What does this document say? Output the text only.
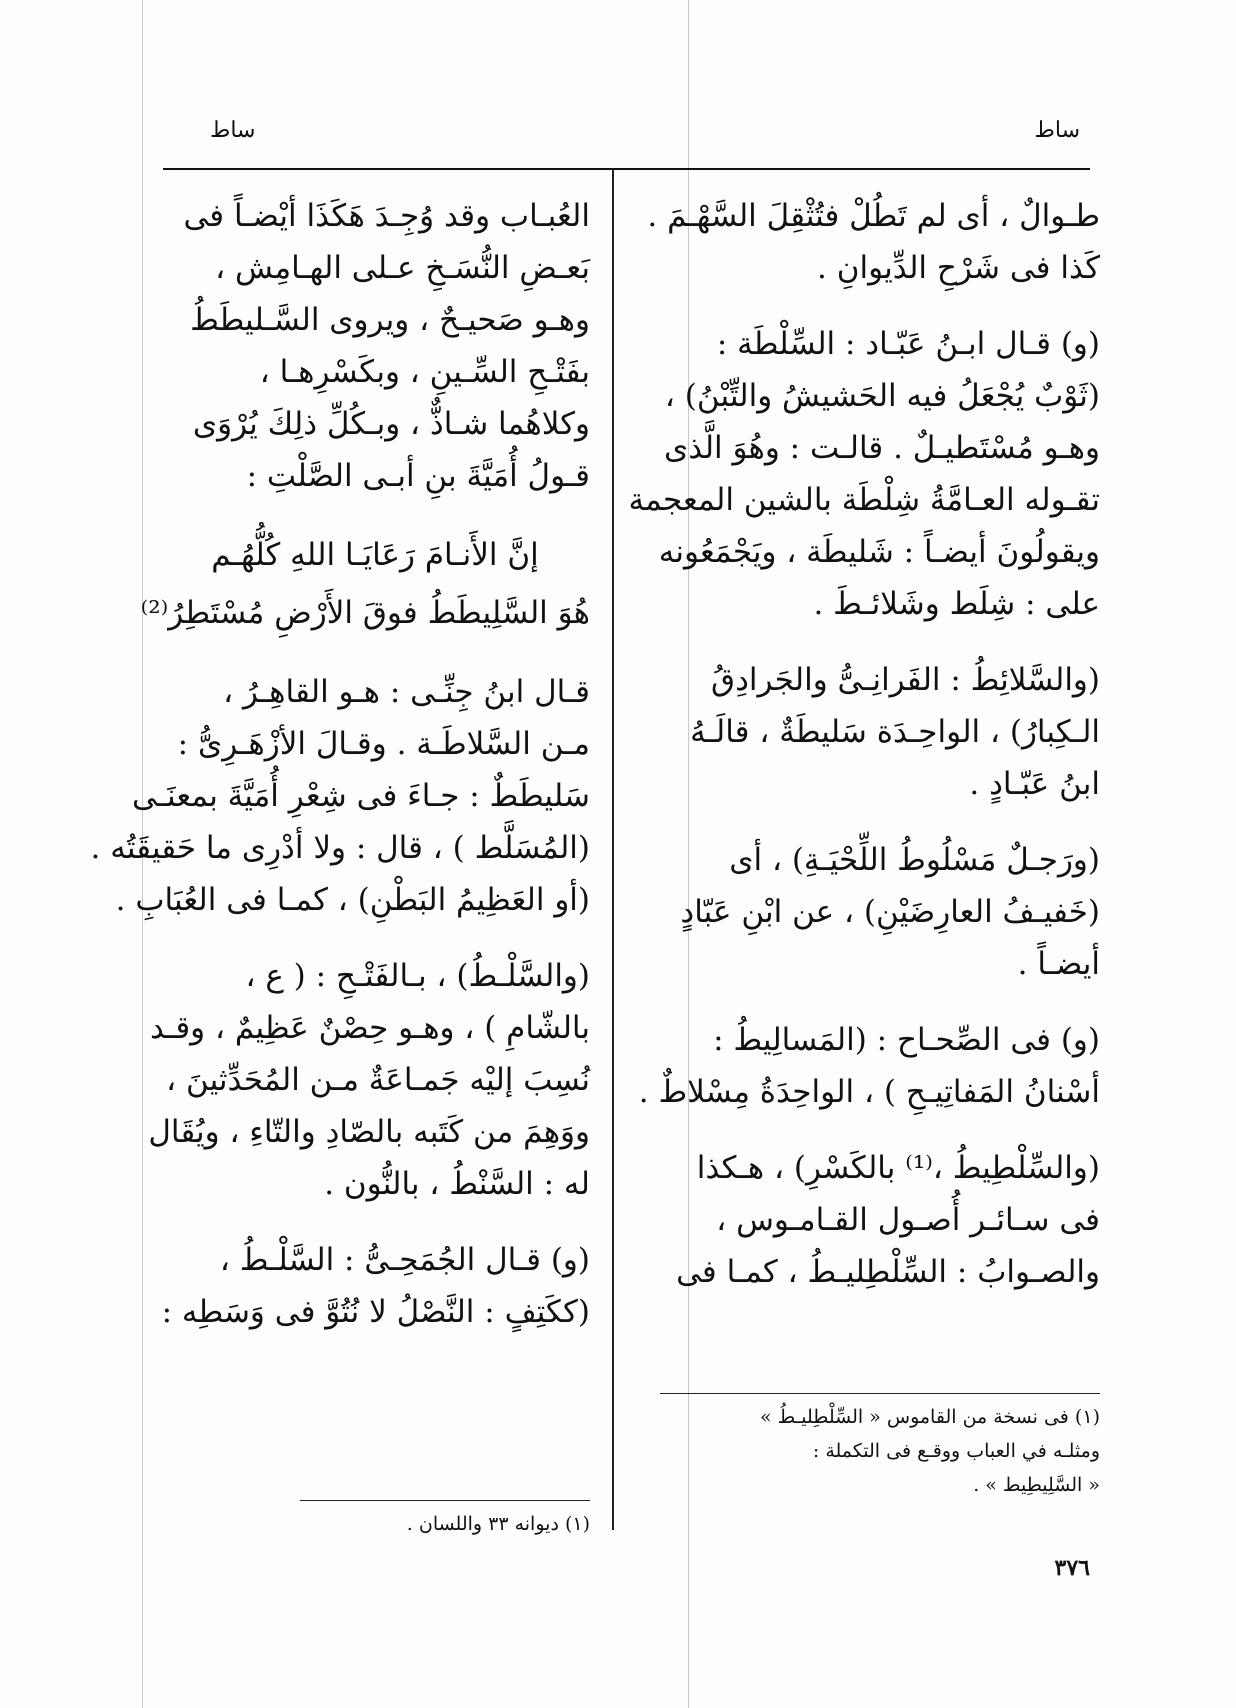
ساط
ساط
طـوالٌ ، أى لم تَطُلْ فتُثْقِلَ السَّهْـمَ .
كَذا فى شَرْحِ الدِّيوانِ .
(و) قـال ابـنُ عَبّـاد : السِّلْطَة :
(ثَوْبٌ يُجْعَلُ فيه الحَشيشُ والتِّبْنُ) ،
وهـو مُسْتَطيـلٌ . قالـت : وهُوَ الَّذى
تقـوله العـامَّةُ شِلْطَة بالشين المعجمة
ويقولُونَ أيضـاً : شَليطَة ، ويَجْمَعُونه
على : شِلَط وشَلائـطَ .
(والسَّلائِطُ : الفَرانِـىُّ والجَرادِقُ
الـكِبارُ) ، الواحِـدَة سَليطَةٌ ، قالَـهُ
ابنُ عَبّـادٍ .
(ورَجـلٌ مَسْلُوطُ اللِّحْيَـةِ) ، أى
(خَفيـفُ العارِضَيْنِ) ، عن ابْنِ عَبّادٍ
أيضـاً .
(و) فى الصِّحـاح : (المَسالِيطُ :
أسْنانُ المَفاتِيـحِ ) ، الواحِدَةُ مِسْلاطٌ .
(والسِّلْطِيطُ ،⁽¹⁾ بالكَسْرِ) ، هـكذا
فى سـائـر أُصـول القـامـوس ،
والصـوابُ : السِّلْطِليـطُ ، كمـا فى
(١) فى نسخة من القاموس « السِّلْطِليـطُ »
ومثلـه في العباب ووقـع فى التكملة :
« السَّلِيطِيط » .
العُبـاب وقد وُجِـدَ هَكَذَا أيْضـاً فى
بَعـضِ النُّسَـخِ عـلى الهـامِش ،
وهـو صَحيـحٌ ، ويروى السَّـليطَطُ
بفَتْـحِ السِّـينِ ، وبكَسْرِهـا ،
وكلاهُما شـاذٌّ ، وبـكُلِّ ذلِكَ يُرْوَى
قـولُ أُمَيَّةَ بنِ أبـى الصَّلْتِ :
إنَّ الأَنـامَ رَعَايَـا اللهِ كُلُّهُـم
هُوَ السَّلِيطَطُ فوقَ الأَرْضِ مُسْتَطِرُ⁽²⁾
قـال ابنُ جِنِّـى : هـو القاهِـرُ ،
مـن السَّلاطَـة . وقـالَ الأزْهَـرِىُّ :
سَليطَطٌ : جـاءَ فى شِعْرِ أُمَيَّةَ بمعنَـى
(المُسَلَّط ) ، قال : ولا أدْرِى ما حَقيقَتُه .
(أو العَظِيمُ البَطْنِ) ، كمـا فى العُبَابِ .
(والسَّلْـطُ) ، بـالفَتْـحِ : ( ع ،
بالشّامِ ) ، وهـو حِصْنٌ عَظِيمٌ ، وقـد
نُسِبَ إليْه جَمـاعَةٌ مـن المُحَدِّثينَ ،
ووَهِمَ من كَتَبه بالصّادِ والتّاءِ ، ويُقَال
له : السَّنْطُ ، بالنُّون .
(و) قـال الجُمَحِـىُّ : السَّلْـطُ ،
(ككَتِفٍ : النَّصْلُ لا نُتُوَّ فى وَسَطِه :
(١) ديوانه ٣٣ واللسان .
٣٧٦
